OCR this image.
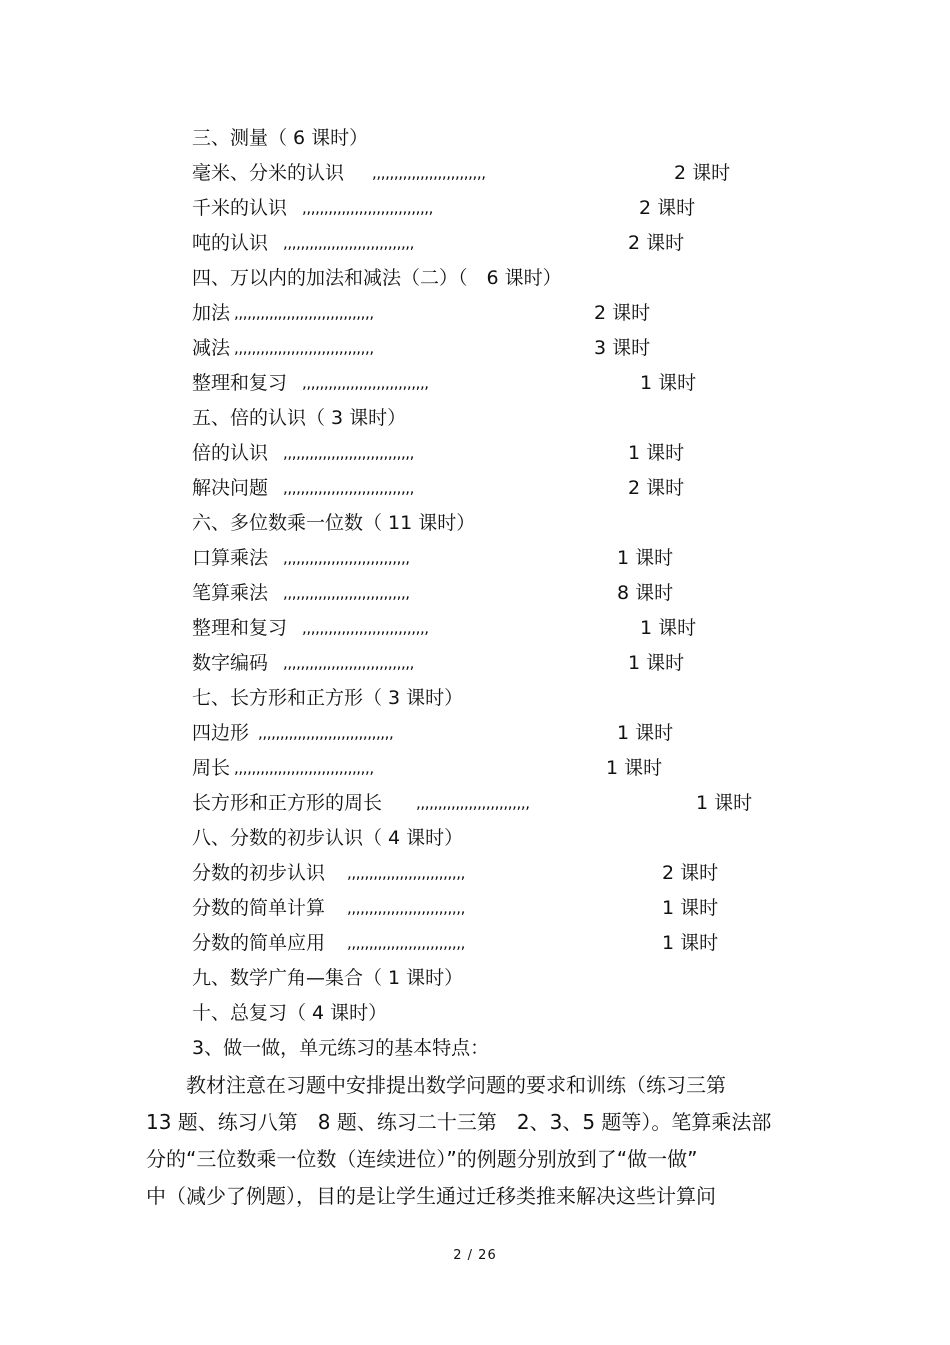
三、测量（ 6 课时）
毫米、分米的认识 ,,,,,,,,,,,,,,,,,,,,,,,,,,	2 课时
千米的认识 ,,,,,,,,,,,,,,,,,,,,,,,,,,,,,,	2 课时
吨的认识 ,,,,,,,,,,,,,,,,,,,,,,,,,,,,,,	2 课时
四、万以内的加法和减法（二）（　6 课时）
加法 ,,,,,,,,,,,,,,,,,,,,,,,,,,,,,,,,	2 课时
减法 ,,,,,,,,,,,,,,,,,,,,,,,,,,,,,,,,	3 课时
整理和复习 ,,,,,,,,,,,,,,,,,,,,,,,,,,,,,	1 课时
五、倍的认识（ 3 课时）
倍的认识 ,,,,,,,,,,,,,,,,,,,,,,,,,,,,,,	1 课时
解决问题 ,,,,,,,,,,,,,,,,,,,,,,,,,,,,,,	2 课时
六、多位数乘一位数（ 11 课时）
口算乘法 ,,,,,,,,,,,,,,,,,,,,,,,,,,,,,	1 课时
笔算乘法 ,,,,,,,,,,,,,,,,,,,,,,,,,,,,,	8 课时
整理和复习 ,,,,,,,,,,,,,,,,,,,,,,,,,,,,,	1 课时
数字编码 ,,,,,,,,,,,,,,,,,,,,,,,,,,,,,,	1 课时
七、长方形和正方形（ 3 课时）
四边形 ,,,,,,,,,,,,,,,,,,,,,,,,,,,,,,,	1 课时
周长 ,,,,,,,,,,,,,,,,,,,,,,,,,,,,,,,,	1 课时
长方形和正方形的周长 ,,,,,,,,,,,,,,,,,,,,,,,,,,	1 课时
八、分数的初步认识（ 4 课时）
分数的初步认识 ,,,,,,,,,,,,,,,,,,,,,,,,,,,	2 课时
分数的简单计算 ,,,,,,,,,,,,,,,,,,,,,,,,,,,	1 课时
分数的简单应用 ,,,,,,,,,,,,,,,,,,,,,,,,,,,	1 课时
九、数学广角—集合（ 1 课时）
十、总复习（ 4 课时）
3、做一做，单元练习的基本特点：
　　教材注意在习题中安排提出数学问题的要求和训练（练习三第
13 题、练习八第　8 题、练习二十三第　2、3、5 题等）。笔算乘法部
分的“三位数乘一位数（连续进位）”的例题分别放到了“做一做”
中（减少了例题），目的是让学生通过迁移类推来解决这些计算问
2 / 26
